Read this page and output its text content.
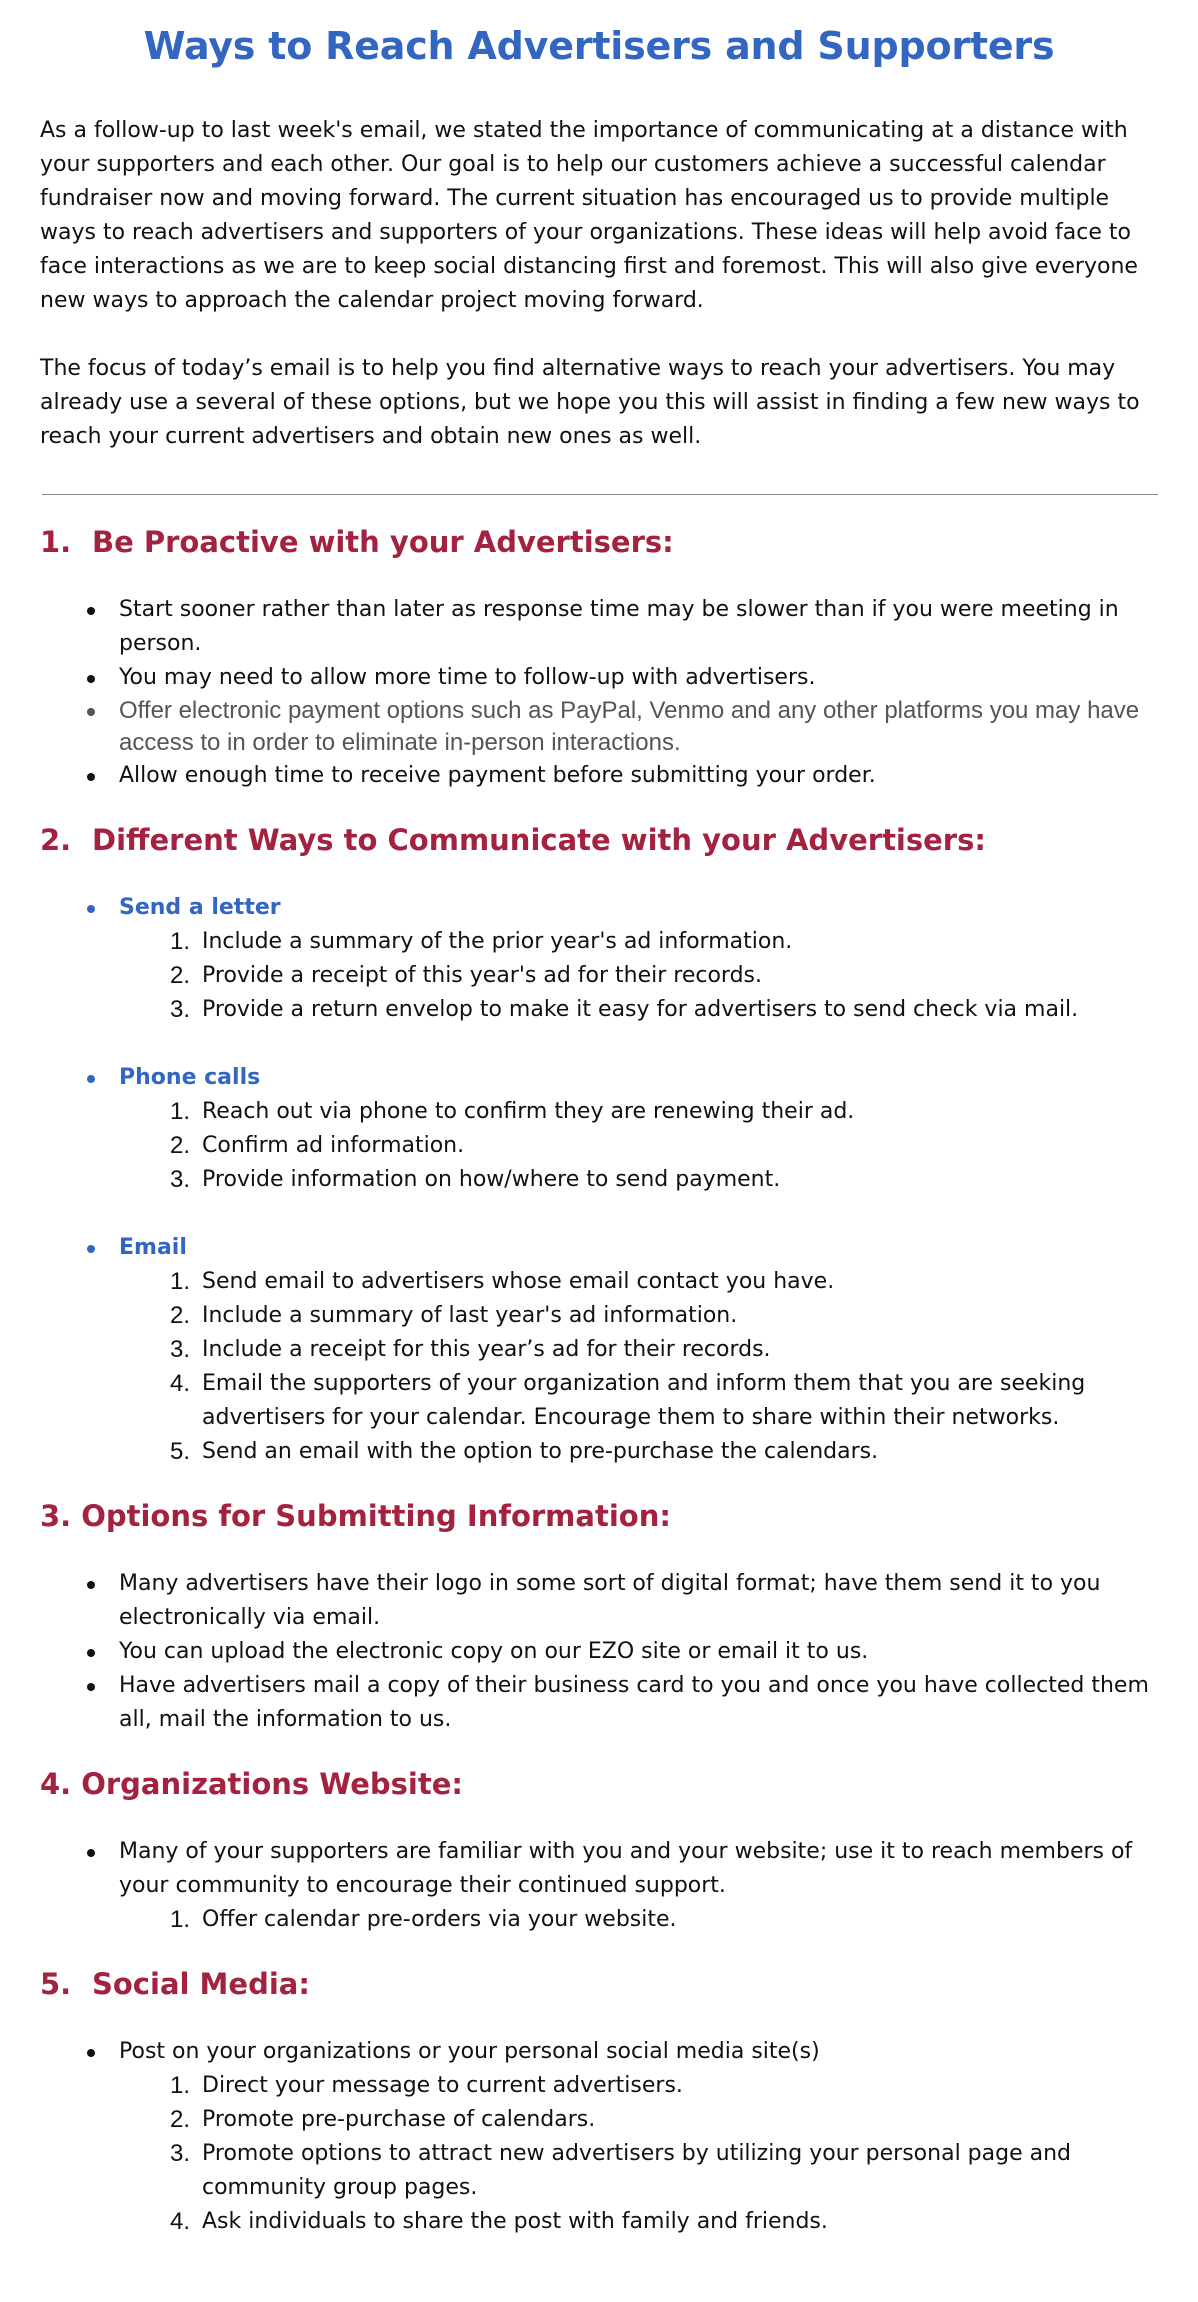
Ways to Reach Advertisers and Supporters

As a follow-up to last week's email, we stated the importance of communicating at a distance with your supporters and each other. Our goal is to help our customers achieve a successful calendar fundraiser now and moving forward. The current situation has encouraged us to provide multiple ways to reach advertisers and supporters of your organizations. These ideas will help avoid face to face interactions as we are to keep social distancing first and foremost. This will also give everyone new ways to approach the calendar project moving forward.

The focus of today’s email is to help you find alternative ways to reach your advertisers. You may already use a several of these options, but we hope you this will assist in finding a few new ways to reach your current advertisers and obtain new ones as well.

1. Be Proactive with your Advertisers:
Start sooner rather than later as response time may be slower than if you were meeting in person.
You may need to allow more time to follow-up with advertisers.
Offer electronic payment options such as PayPal, Venmo and any other platforms you may have access to in order to eliminate in-person interactions.
Allow enough time to receive payment before submitting your order.
2. Different Ways to Communicate with your Advertisers:
Send a letter
1. Include a summary of the prior year's ad information.
2. Provide a receipt of this year's ad for their records.
3. Provide a return envelop to make it easy for advertisers to send check via mail.
Phone calls
1. Reach out via phone to confirm they are renewing their ad.
2. Confirm ad information.
3. Provide information on how/where to send payment.
Email
1. Send email to advertisers whose email contact you have.
2. Include a summary of last year's ad information.
3. Include a receipt for this year’s ad for their records.
4. Email the supporters of your organization and inform them that you are seeking advertisers for your calendar. Encourage them to share within their networks.
5. Send an email with the option to pre-purchase the calendars.
3. Options for Submitting Information:
Many advertisers have their logo in some sort of digital format; have them send it to you electronically via email.
You can upload the electronic copy on our EZO site or email it to us.
Have advertisers mail a copy of their business card to you and once you have collected them all, mail the information to us.
4. Organizations Website:
Many of your supporters are familiar with you and your website; use it to reach members of your community to encourage their continued support.
1. Offer calendar pre-orders via your website.
5. Social Media:
Post on your organizations or your personal social media site(s)
1. Direct your message to current advertisers.
2. Promote pre-purchase of calendars.
3. Promote options to attract new advertisers by utilizing your personal page and community group pages.
4. Ask individuals to share the post with family and friends.
